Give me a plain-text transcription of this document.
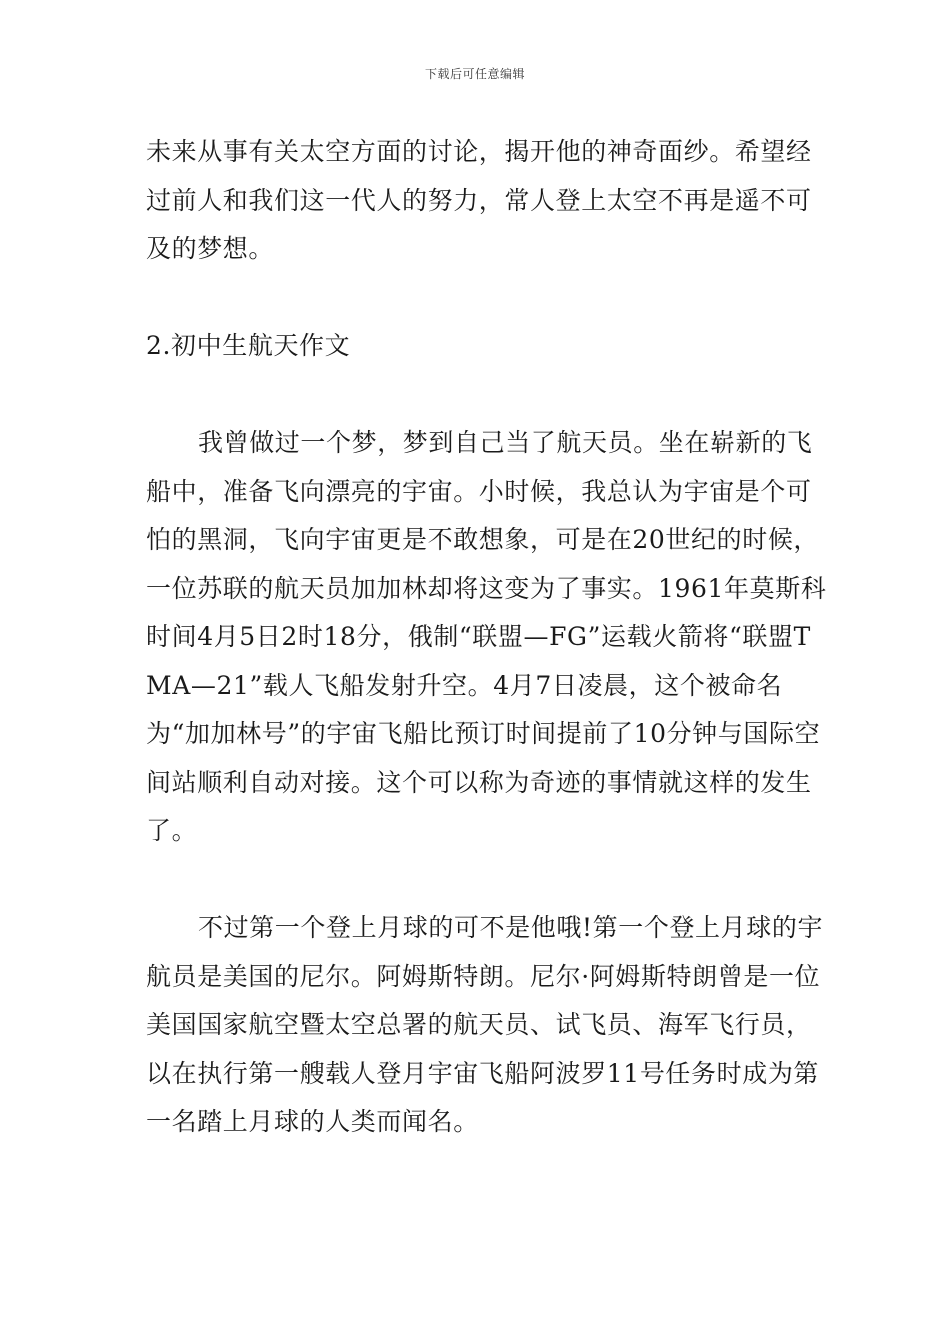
下载后可任意编辑

未来从事有关太空方面的讨论，揭开他的神奇面纱。希望经过前人和我们这一代人的努力，常人登上太空不再是遥不可及的梦想。

2.初中生航天作文

我曾做过一个梦，梦到自己当了航天员。坐在崭新的飞船中，准备飞向漂亮的宇宙。小时候，我总认为宇宙是个可怕的黑洞，飞向宇宙更是不敢想象，可是在20世纪的时候，一位苏联的航天员加加林却将这变为了事实。1961年莫斯科时间4月5日2时18分，俄制“联盟—FG”运载火箭将“联盟TMA—21”载人飞船发射升空。4月7日凌晨，这个被命名为“加加林号”的宇宙飞船比预订时间提前了10分钟与国际空间站顺利自动对接。这个可以称为奇迹的事情就这样的发生了。

不过第一个登上月球的可不是他哦!第一个登上月球的宇航员是美国的尼尔。阿姆斯特朗。尼尔·阿姆斯特朗曾是一位美国国家航空暨太空总署的航天员、试飞员、海军飞行员，以在执行第一艘载人登月宇宙飞船阿波罗11号任务时成为第一名踏上月球的人类而闻名。
